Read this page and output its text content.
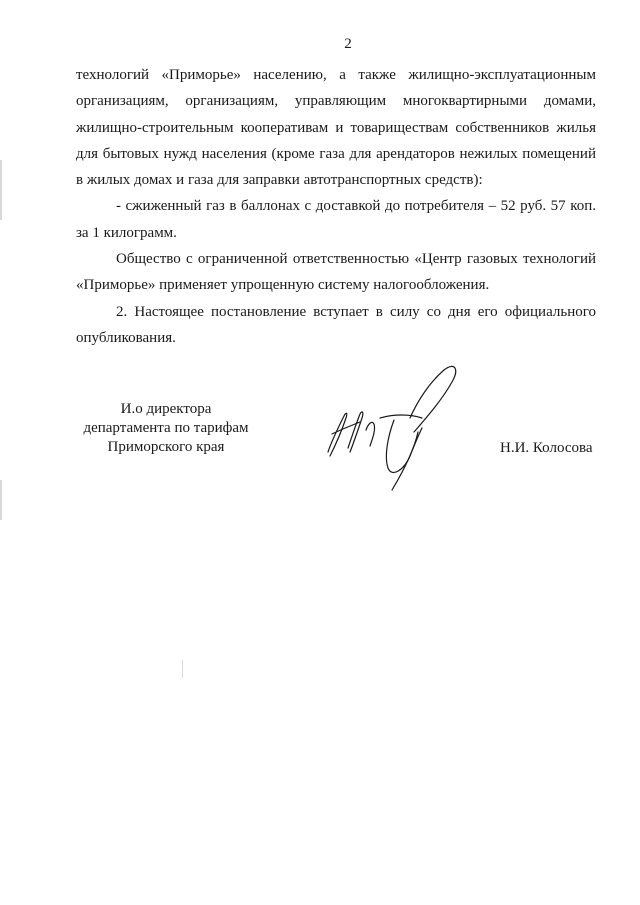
2

технологий «Приморье» населению, а также жилищно-эксплуатационным
организациям, организациям, управляющим многоквартирными домами,
жилищно-строительным кооперативам и товариществам собственников жилья
для бытовых нужд населения (кроме газа для арендаторов нежилых помещений
в жилых домах и газа для заправки автотранспортных средств):

- сжиженный газ в баллонах с доставкой до потребителя – 52 руб. 57 коп.
за 1 килограмм.

Общество с ограниченной ответственностью «Центр газовых технологий
«Приморье» применяет упрощенную систему налогообложения.

2. Настоящее постановление вступает в силу со дня его официального
опубликования.

И.о директора
департамента по тарифам
Приморского края	Н.И. Колосова
